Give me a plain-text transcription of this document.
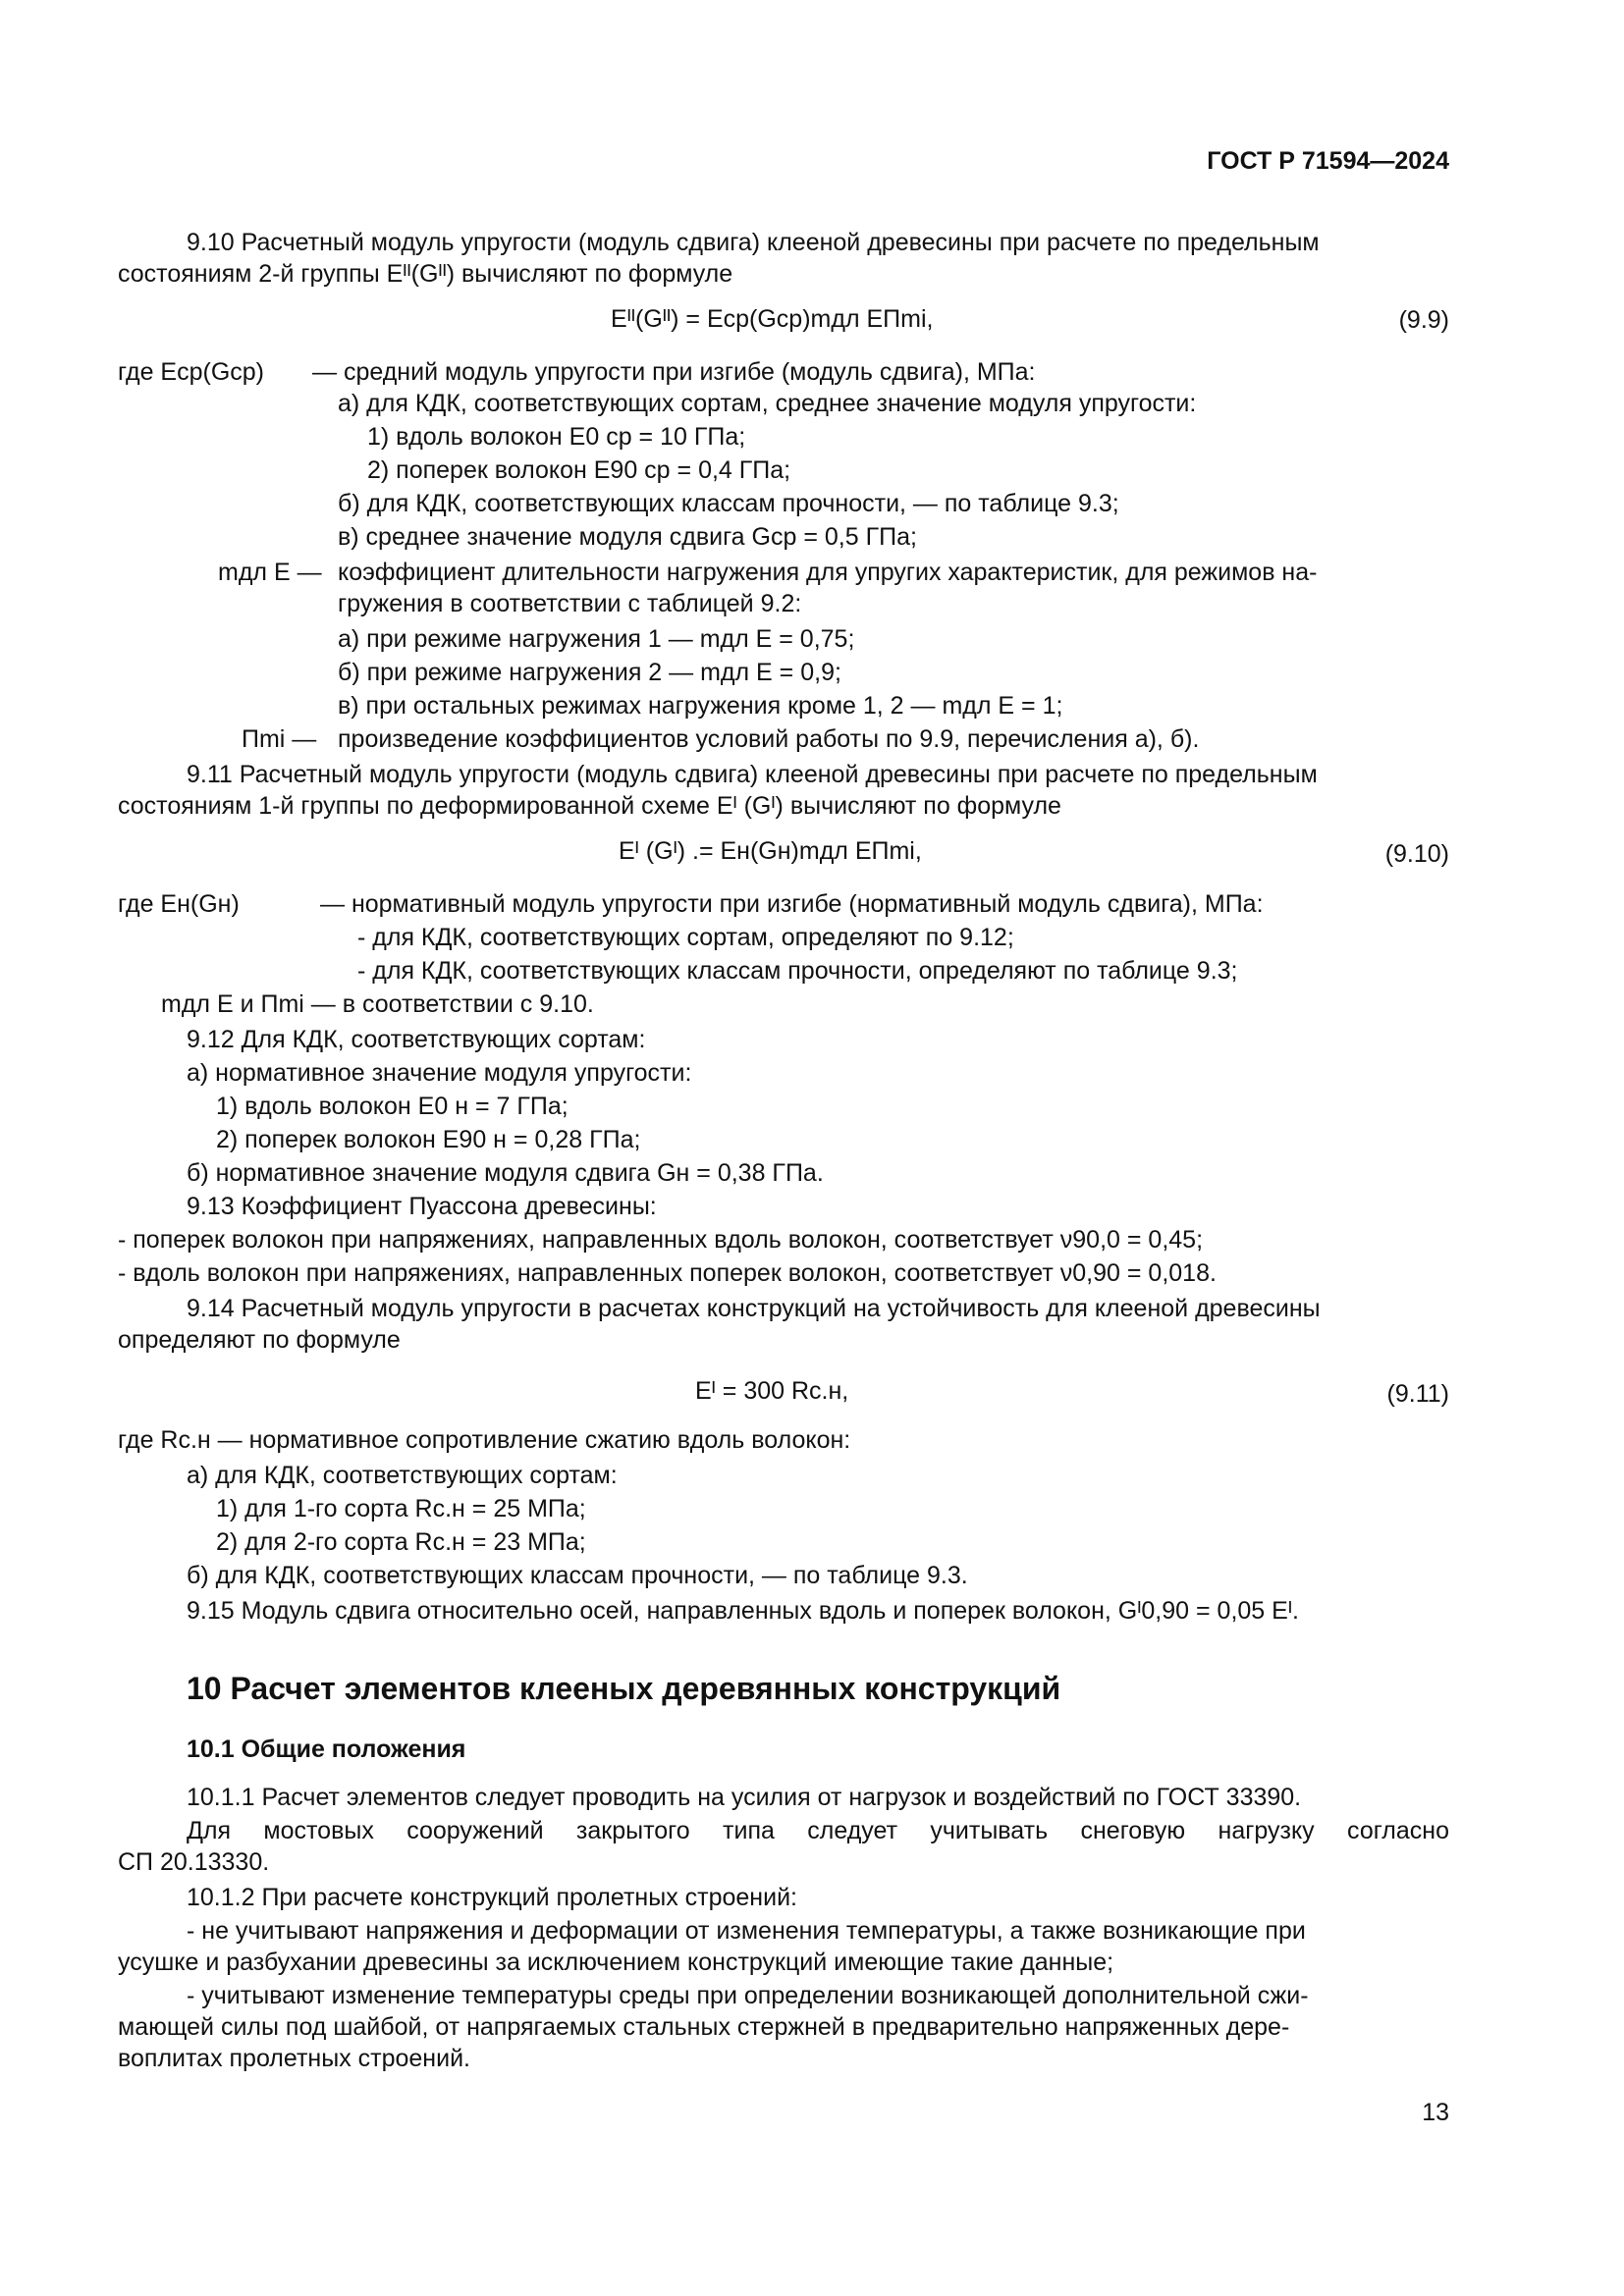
ГОСТ Р 71594—2024
9.10 Расчетный модуль упругости (модуль сдвига) клееной древесины при расчете по предельным
состояниям 2-й группы Eᴵᴵ(Gᴵᴵ) вычисляют по формуле
Eᴵᴵ(Gᴵᴵ) = Eср(Gср)mдл EПmi,	(9.9)
где Eср(Gср) — средний модуль упругости при изгибе (модуль сдвига), МПа:
а) для КДК, соответствующих сортам, среднее значение модуля упругости:
1) вдоль волокон E0 ср = 10 ГПа;
2) поперек волокон E90 ср = 0,4 ГПа;
б) для КДК, соответствующих классам прочности, — по таблице 9.3;
в) среднее значение модуля сдвига Gср = 0,5 ГПа;
mдл E — коэффициент длительности нагружения для упругих характеристик, для режимов на-
гружения в соответствии с таблицей 9.2:
а) при режиме нагружения 1 — mдл E = 0,75;
б) при режиме нагружения 2 — mдл E = 0,9;
в) при остальных режимах нагружения кроме 1, 2 — mдл E = 1;
Пmi — произведение коэффициентов условий работы по 9.9, перечисления а), б).
9.11 Расчетный модуль упругости (модуль сдвига) клееной древесины при расчете по предельным
состояниям 1-й группы по деформированной схеме Eᴵ (Gᴵ) вычисляют по формуле
Eᴵ (Gᴵ) .= Eн(Gн)mдл EПmi,	(9.10)
где Eн(Gн)	— нормативный модуль упругости при изгибе (нормативный модуль сдвига), МПа:
- для КДК, соответствующих сортам, определяют по 9.12;
- для КДК, соответствующих классам прочности, определяют по таблице 9.3;
mдл E и Пmi — в соответствии с 9.10.
9.12 Для КДК, соответствующих сортам:
а) нормативное значение модуля упругости:
1) вдоль волокон E0 н = 7 ГПа;
2) поперек волокон E90 н = 0,28 ГПа;
б) нормативное значение модуля сдвига Gн = 0,38 ГПа.
9.13 Коэффициент Пуассона древесины:
- поперек волокон при напряжениях, направленных вдоль волокон, соответствует ν90,0 = 0,45;
- вдоль волокон при напряжениях, направленных поперек волокон, соответствует ν0,90 = 0,018.
9.14 Расчетный модуль упругости в расчетах конструкций на устойчивость для клееной древесины
определяют по формуле
Eᴵ = 300 Rс.н,	(9.11)
где Rс.н — нормативное сопротивление сжатию вдоль волокон:
а) для КДК, соответствующих сортам:
1) для 1-го сорта Rс.н = 25 МПа;
2) для 2-го сорта Rс.н = 23 МПа;
б) для КДК, соответствующих классам прочности, — по таблице 9.3.
9.15 Модуль сдвига относительно осей, направленных вдоль и поперек волокон, Gᴵ0,90 = 0,05 Eᴵ.
10 Расчет элементов клееных деревянных конструкций
10.1 Общие положения
10.1.1 Расчет элементов следует проводить на усилия от нагрузок и воздействий по ГОСТ 33390.
Для мостовых сооружений закрытого типа следует учитывать снеговую нагрузку согласно
СП 20.13330.
10.1.2 При расчете конструкций пролетных строений:
- не учитывают напряжения и деформации от изменения температуры, а также возникающие при
усушке и разбухании древесины за исключением конструкций имеющие такие данные;
- учитывают изменение температуры среды при определении возникающей дополнительной сжи-
мающей силы под шайбой, от напрягаемых стальных стержней в предварительно напряженных дере-
воплитах пролетных строений.
13
